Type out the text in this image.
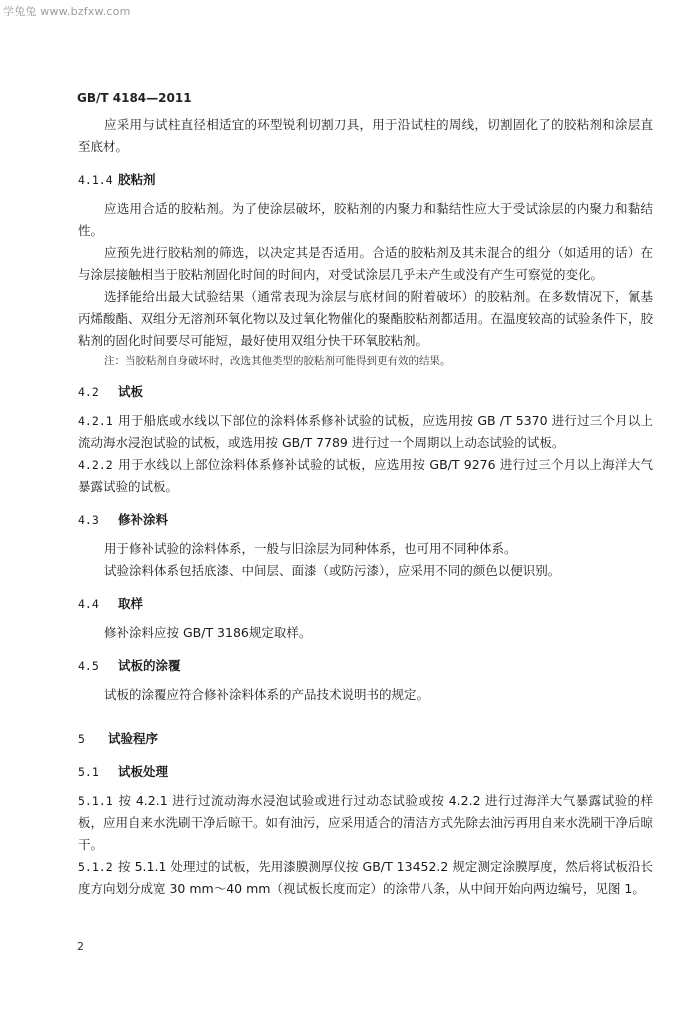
学兔兔 www.bzfxw.com
GB/T 4184—2011

应采用与试柱直径相适宜的环型锐利切割刀具，用于沿试柱的周线，切割固化了的胶粘剂和涂层直至底材。

4.1.4 胶粘剂

应选用合适的胶粘剂。为了使涂层破坏，胶粘剂的内聚力和黏结性应大于受试涂层的内聚力和黏结性。

应预先进行胶粘剂的筛选，以决定其是否适用。合适的胶粘剂及其未混合的组分（如适用的话）在与涂层接触相当于胶粘剂固化时间的时间内，对受试涂层几乎未产生或没有产生可察觉的变化。

选择能给出最大试验结果（通常表现为涂层与底材间的附着破坏）的胶粘剂。在多数情况下，氰基丙烯酸酯、双组分无溶剂环氧化物以及过氧化物催化的聚酯胶粘剂都适用。在温度较高的试验条件下，胶粘剂的固化时间要尽可能短，最好使用双组分快干环氧胶粘剂。

注：当胶粘剂自身破坏时，改选其他类型的胶粘剂可能得到更有效的结果。
4.2 试板

4.2.1 用于船底或水线以下部位的涂料体系修补试验的试板，应选用按 GB /T 5370 进行过三个月以上流动海水浸泡试验的试板，或选用按 GB/T 7789 进行过一个周期以上动态试验的试板。

4.2.2 用于水线以上部位涂料体系修补试验的试板，应选用按 GB/T 9276 进行过三个月以上海洋大气暴露试验的试板。

4.3 修补涂料

用于修补试验的涂料体系，一般与旧涂层为同种体系，也可用不同种体系。

试验涂料体系包括底漆、中间层、面漆（或防污漆），应采用不同的颜色以便识别。

4.4 取样

修补涂料应按 GB/T 3186规定取样。

4.5 试板的涂覆

试板的涂覆应符合修补涂料体系的产品技术说明书的规定。

5 试验程序
5.1 试板处理

5.1.1 按 4.2.1 进行过流动海水浸泡试验或进行过动态试验或按 4.2.2 进行过海洋大气暴露试验的样板，应用自来水洗刷干净后晾干。如有油污，应采用适合的清洁方式先除去油污再用自来水洗刷干净后晾干。

5.1.2 按 5.1.1 处理过的试板，先用漆膜测厚仪按 GB/T 13452.2 规定测定涂膜厚度，然后将试板沿长度方向划分成宽 30 mm～40 mm（视试板长度而定）的涂带八条，从中间开始向两边编号，见图 1。

2
